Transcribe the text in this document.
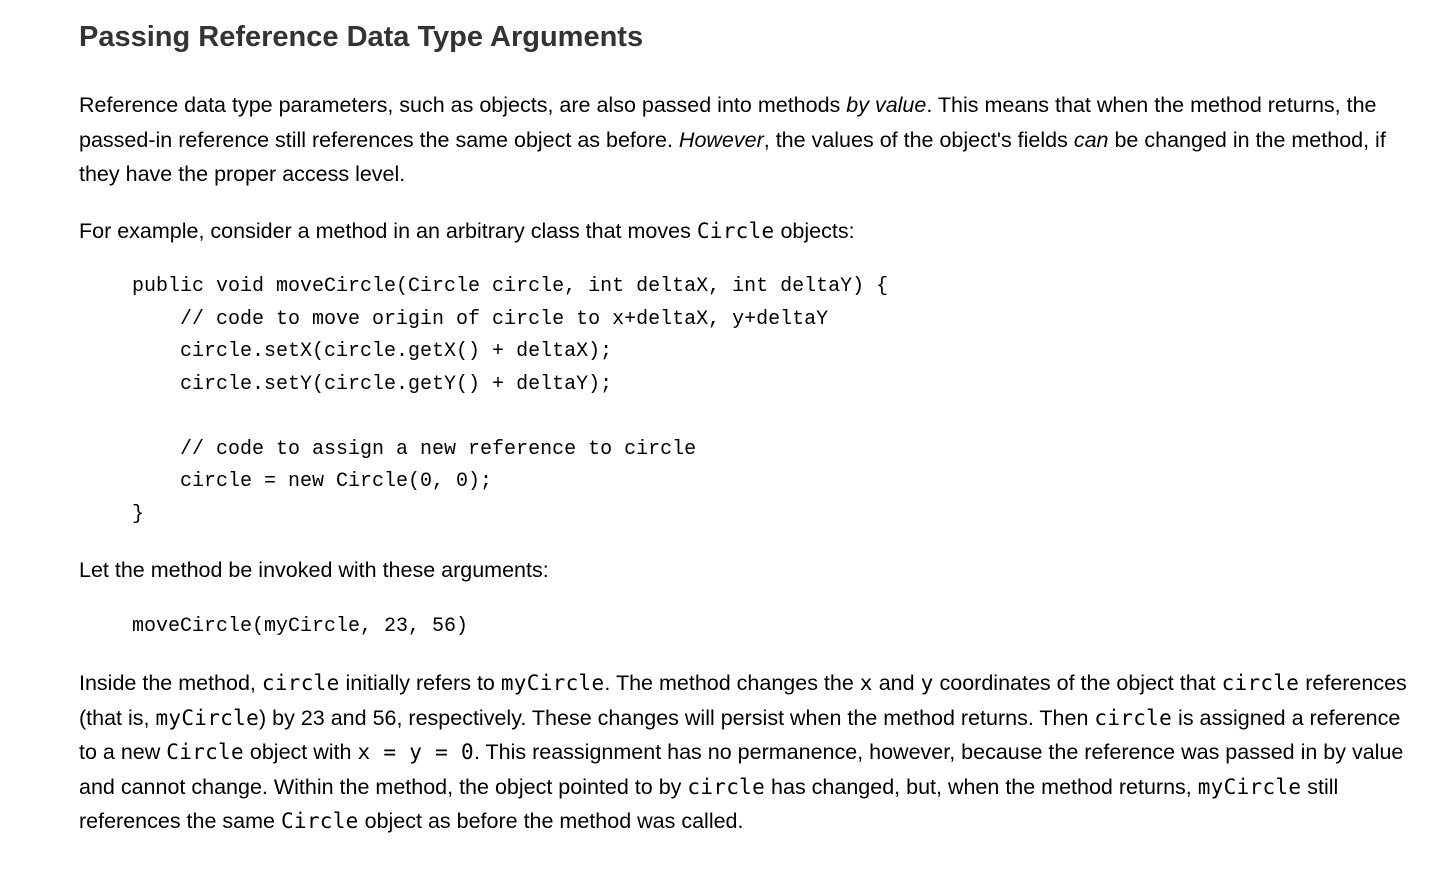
Passing Reference Data Type Arguments

Reference data type parameters, such as objects, are also passed into methods by value. This means that when the method returns, the passed-in reference still references the same object as before. However, the values of the object's fields can be changed in the method, if they have the proper access level.

For example, consider a method in an arbitrary class that moves Circle objects:

public void moveCircle(Circle circle, int deltaX, int deltaY) {
// code to move origin of circle to x+deltaX, y+deltaY
circle.setX(circle.getX() + deltaX);
circle.setY(circle.getY() + deltaY);

// code to assign a new reference to circle
circle = new Circle(0, 0);
}

Let the method be invoked with these arguments:

moveCircle(myCircle, 23, 56)

Inside the method, circle initially refers to myCircle. The method changes the x and y coordinates of the object that circle references (that is, myCircle) by 23 and 56, respectively. These changes will persist when the method returns. Then circle is assigned a reference to a new Circle object with x = y = 0. This reassignment has no permanence, however, because the reference was passed in by value and cannot change. Within the method, the object pointed to by circle has changed, but, when the method returns, myCircle still references the same Circle object as before the method was called.
